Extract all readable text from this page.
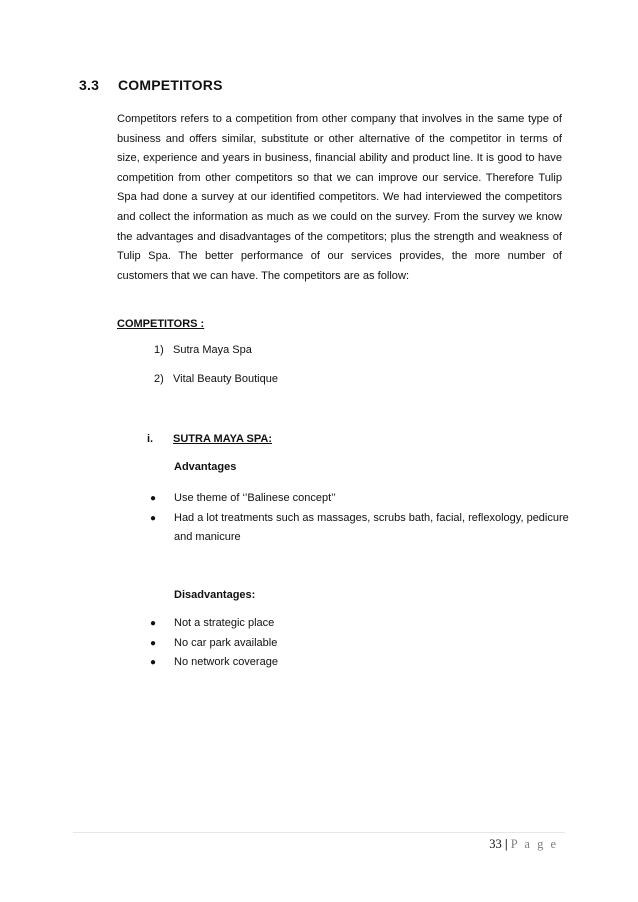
3.3 COMPETITORS
Competitors refers to a competition from other company that involves in the same type of business and offers similar, substitute or other alternative of the competitor in terms of size, experience and years in business, financial ability and product line. It is good to have competition from other competitors so that we can improve our service. Therefore Tulip Spa had done a survey at our identified competitors. We had interviewed the competitors and collect the information as much as we could on the survey. From the survey we know the advantages and disadvantages of the competitors; plus the strength and weakness of Tulip Spa. The better performance of our services provides, the more number of customers that we can have. The competitors are as follow:
COMPETITORS :
1) Sutra Maya Spa
2) Vital Beauty Boutique
i.	SUTRA MAYA SPA:
Advantages
●	Use theme of ‘’Balinese concept’’
●	Had a lot treatments such as massages, scrubs bath, facial, reflexology, pedicure and manicure
Disadvantages:
●	Not a strategic place
●	No car park available
●	No network coverage
33 | P a g e
